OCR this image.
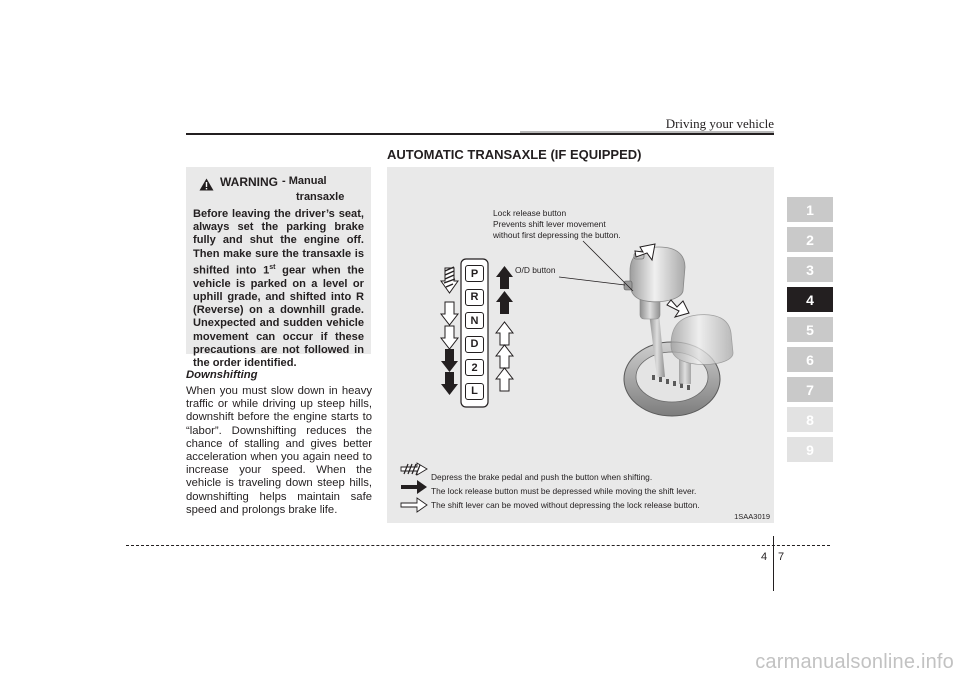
Driving your vehicle
AUTOMATIC TRANSAXLE (IF EQUIPPED)
WARNING - Manual
transaxle
Before leaving the driver’s seat, always set the parking brake fully and shut the engine off. Then make sure the transaxle is shifted into 1st gear when the vehicle is parked on a level or uphill grade, and shifted into R (Reverse) on a downhill grade. Unexpected and sudden vehicle movement can occur if these precautions are not followed in the order identified.
Downshifting
When you must slow down in heavy traffic or while driving up steep hills, downshift before the engine starts to “labor”. Downshifting reduces the chance of stalling and gives better acceleration when you again need to increase your speed. When the vehicle is traveling down steep hills, downshifting helps maintain safe speed and prolongs brake life.
P
R
N
D
2
L
Lock release button
Prevents shift lever movement
without first depressing the button.
O/D button
Depress the brake pedal and push the button when shifting.
The lock release button must be depressed while moving the shift lever.
The shift lever can be moved without depressing the lock release button.
1SAA3019
1
2
3
4
5
6
7
8
9
4 7
carmanualsonline.info
